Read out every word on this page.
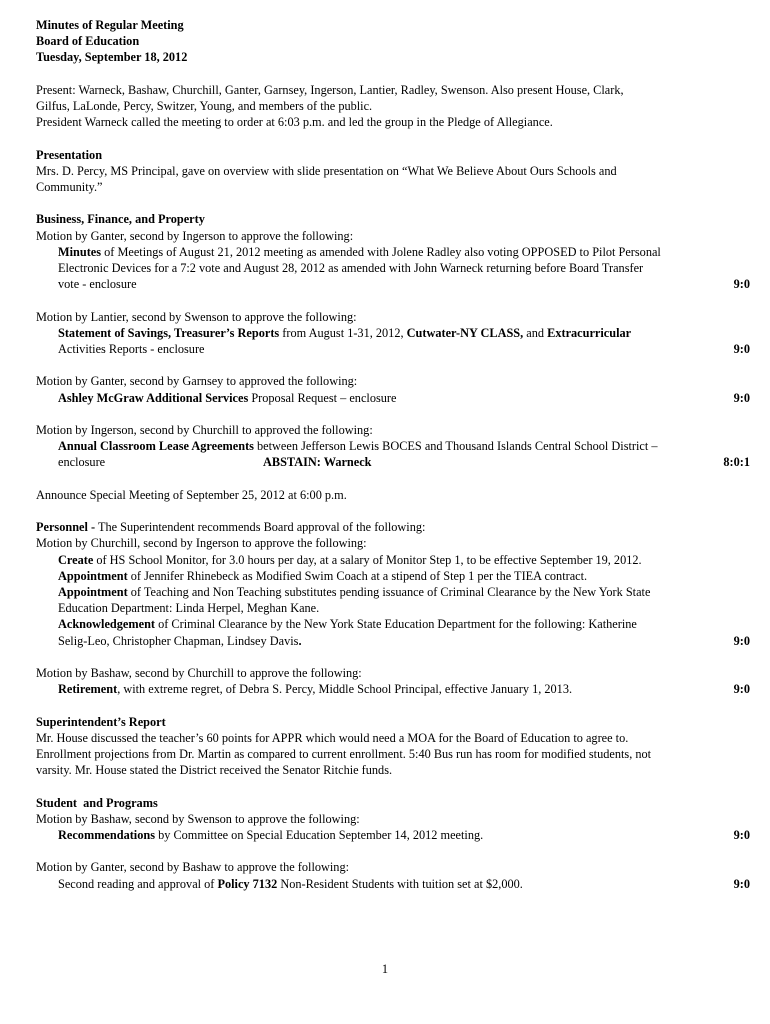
Minutes of Regular Meeting
Board of Education
Tuesday, September 18, 2012
Present: Warneck, Bashaw, Churchill, Ganter, Garnsey, Ingerson, Lantier, Radley, Swenson. Also present House, Clark,
Gilfus, LaLonde, Percy, Switzer, Young, and members of the public.
President Warneck called the meeting to order at 6:03 p.m. and led the group in the Pledge of Allegiance.
Presentation
Mrs. D. Percy, MS Principal, gave on overview with slide presentation on “What We Believe About Ours Schools and
Community.”
Business, Finance, and Property
Motion by Ganter, second by Ingerson to approve the following:
Minutes of Meetings of August 21, 2012 meeting as amended with Jolene Radley also voting OPPOSED to Pilot Personal
Electronic Devices for a 7:2 vote and August 28, 2012 as amended with John Warneck returning before Board Transfer
vote - enclosure	9:0
Motion by Lantier, second by Swenson to approve the following:
Statement of Savings, Treasurer’s Reports from August 1-31, 2012, Cutwater-NY CLASS, and Extracurricular
Activities Reports - enclosure	9:0
Motion by Ganter, second by Garnsey to approved the following:
Ashley McGraw Additional Services Proposal Request – enclosure	9:0
Motion by Ingerson, second by Churchill to approved the following:
Annual Classroom Lease Agreements between Jefferson Lewis BOCES and Thousand Islands Central School District –
enclosure	ABSTAIN: Warneck	8:0:1
Announce Special Meeting of September 25, 2012 at 6:00 p.m.
Personnel - The Superintendent recommends Board approval of the following:
Motion by Churchill, second by Ingerson to approve the following:
Create of HS School Monitor, for 3.0 hours per day, at a salary of Monitor Step 1, to be effective September 19, 2012.
Appointment of Jennifer Rhinebeck as Modified Swim Coach at a stipend of Step 1 per the TIEA contract.
Appointment of Teaching and Non Teaching substitutes pending issuance of Criminal Clearance by the New York State
Education Department: Linda Herpel, Meghan Kane.
Acknowledgement of Criminal Clearance by the New York State Education Department for the following: Katherine
Selig-Leo, Christopher Chapman, Lindsey Davis.	9:0
Motion by Bashaw, second by Churchill to approve the following:
Retirement, with extreme regret, of Debra S. Percy, Middle School Principal, effective January 1, 2013.	9:0
Superintendent’s Report
Mr. House discussed the teacher’s 60 points for APPR which would need a MOA for the Board of Education to agree to.
Enrollment projections from Dr. Martin as compared to current enrollment. 5:40 Bus run has room for modified students, not
varsity. Mr. House stated the District received the Senator Ritchie funds.
Student  and Programs
Motion by Bashaw, second by Swenson to approve the following:
Recommendations by Committee on Special Education September 14, 2012 meeting.	9:0
Motion by Ganter, second by Bashaw to approve the following:
Second reading and approval of Policy 7132 Non-Resident Students with tuition set at $2,000.	9:0
1
